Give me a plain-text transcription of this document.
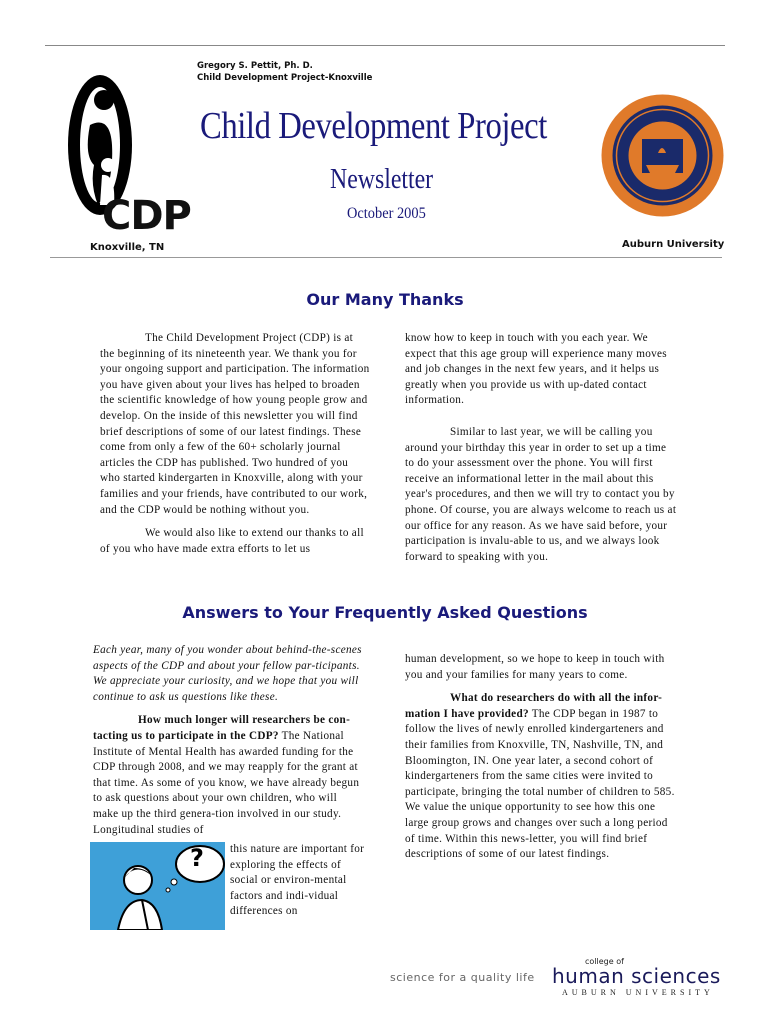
CDP
Gregory S. Pettit, Ph. D.
Child Development Project-Knoxville
Child Development Project
Newsletter
October 2005
Knoxville, TN	Auburn University
Our Many Thanks

The Child Development Project (CDP) is at the beginning of its nineteenth year. We thank you for your ongoing support and participation. The information you have given about your lives has helped to broaden the scientific knowledge of how young people grow and develop. On the inside of this newsletter you will find brief descriptions of some of our latest findings. These come from only a few of the 60+ scholarly journal articles the CDP has published. Two hundred of you who started kindergarten in Knoxville, along with your families and your friends, have contributed to our work, and the CDP would be nothing without you.

We would also like to extend our thanks to all of you who have made extra efforts to let us

know how to keep in touch with you each year. We expect that this age group will experience many moves and job changes in the next few years, and it helps us greatly when you provide us with up-dated contact information.

Similar to last year, we will be calling you around your birthday this year in order to set up a time to do your assessment over the phone. You will first receive an informational letter in the mail about this year's procedures, and then we will try to contact you by phone. Of course, you are always welcome to reach us at our office for any reason. As we have said before, your participation is invalu-able to us, and we always look forward to speaking with you.

Answers to Your Frequently Asked Questions

Each year, many of you wonder about behind-the-scenes aspects of the CDP and about your fellow par-ticipants. We appreciate your curiosity, and we hope that you will continue to ask us questions like these.

How much longer will researchers be con-tacting us to participate in the CDP? The National Institute of Mental Health has awarded funding for the CDP through 2008, and we may reapply for the grant at that time. As some of you know, we have already begun to ask questions about your own children, who will make up the third genera-tion involved in our study. Longitudinal studies of

? this nature are important for exploring the effects of social or environ-mental factors and indi-vidual differences on

human development, so we hope to keep in touch with you and your families for many years to come.

What do researchers do with all the infor-mation I have provided? The CDP began in 1987 to follow the lives of newly enrolled kindergarteners and their families from Knoxville, TN, Nashville, TN, and Bloomington, IN. One year later, a second cohort of kindergarteners from the same cities were invited to participate, bringing the total number of children to 585. We value the unique opportunity to see how this one large group grows and changes over such a long period of time. Within this news-letter, you will find brief descriptions of some of our latest findings.

science for a quality life
college of
human sciences
AUBURN UNIVERSITY
